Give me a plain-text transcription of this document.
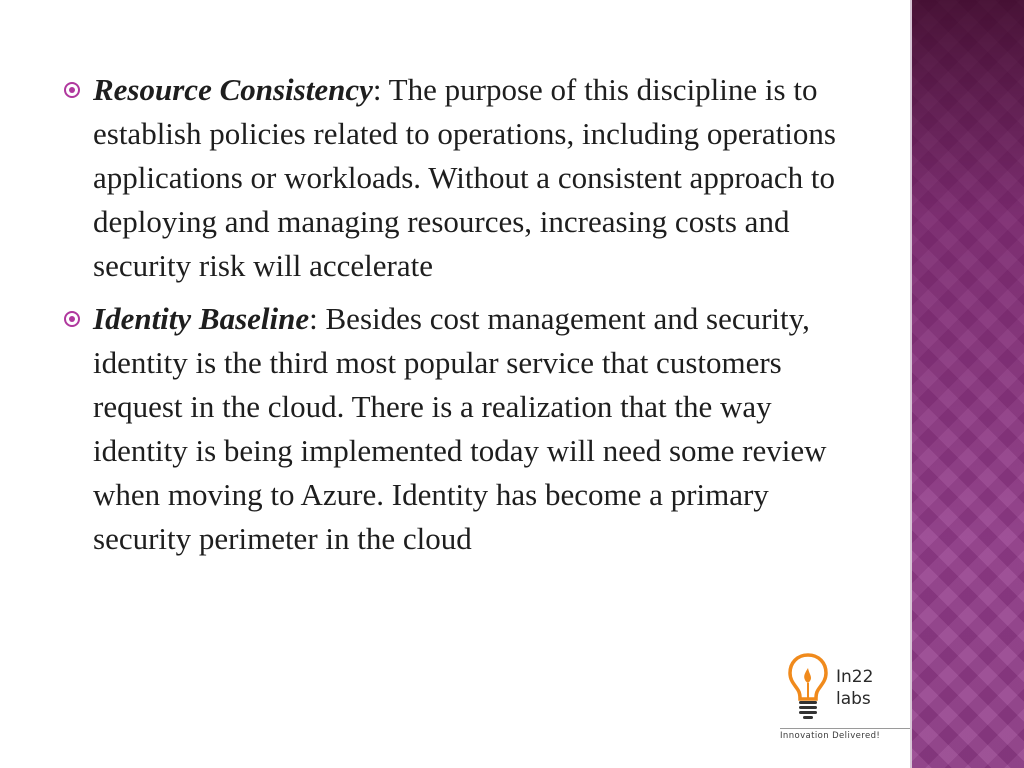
Resource Consistency: The purpose of this discipline is to establish policies related to operations, including operations applications or workloads. Without a consistent approach to deploying and managing resources, increasing costs and security risk will accelerate
Identity Baseline: Besides cost management and security, identity is the third most popular service that customers request in the cloud. There is a realization that the way identity is being implemented today will need some review when moving to Azure. Identity has become a primary security perimeter in the cloud
In22
labs
Innovation Delivered!
